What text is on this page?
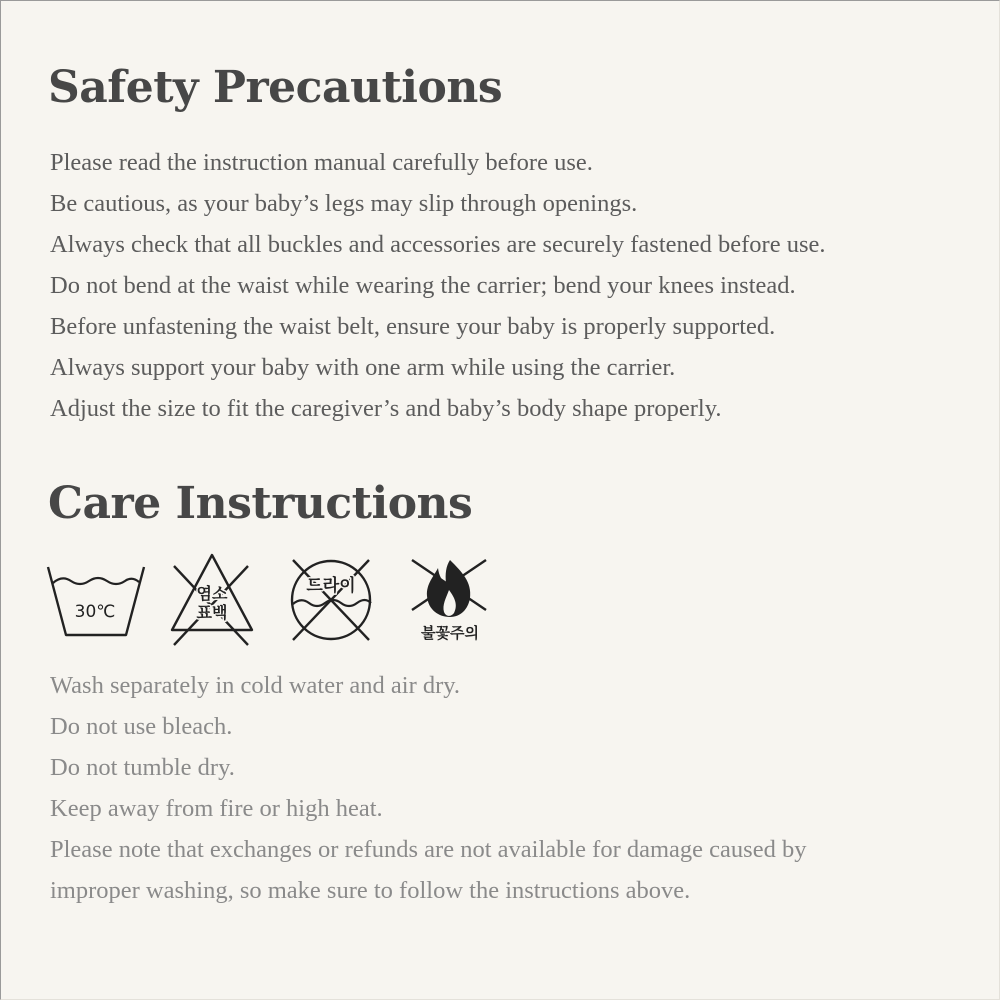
Safety Precautions
Please read the instruction manual carefully before use.
Be cautious, as your baby’s legs may slip through openings.
Always check that all buckles and accessories are securely fastened before use.
Do not bend at the waist while wearing the carrier; bend your knees instead.
Before unfastening the waist belt, ensure your baby is properly supported.
Always support your baby with one arm while using the carrier.
Adjust the size to fit the caregiver’s and baby’s body shape properly.
Care Instructions
30℃
염소
표백
드라이
불꽃주의
Wash separately in cold water and air dry.
Do not use bleach.
Do not tumble dry.
Keep away from fire or high heat.
Please note that exchanges or refunds are not available for damage caused by
improper washing, so make sure to follow the instructions above.
